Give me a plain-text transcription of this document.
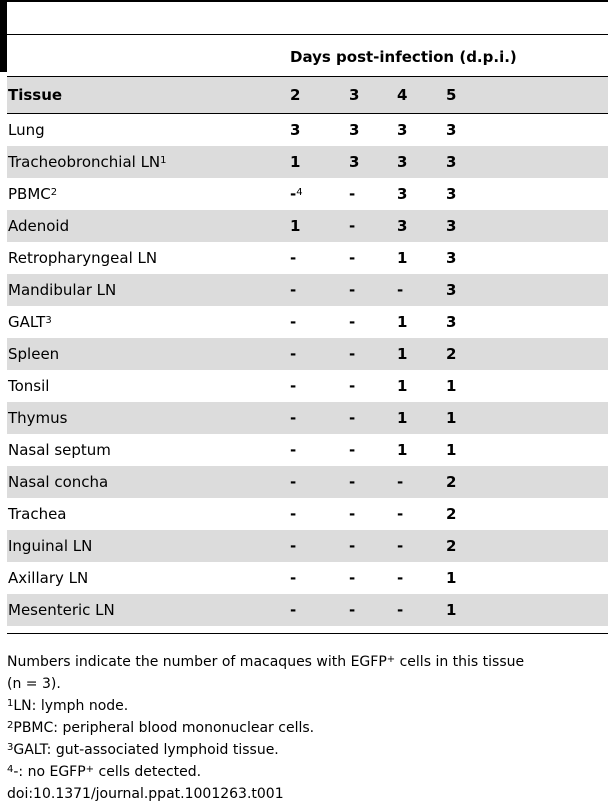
Days post-infection (d.p.i.)
Tissue	2	3	4	5
Lung	3	3	3	3
Tracheobronchial $LN^1$	1	3	3	3
PBMC$^2$	-$^4$	-	3	3
Adenoid	1	-	3	3
Retropharyngeal LN	-	-	1	3
Mandibular LN	-	-	-	3
GALT$^3$	-	-	1	3
Spleen	-	-	1	2
Tonsil	-	-	1	1
Thymus	-	-	1	1
Nasal septum	-	-	1	1
Nasal concha	-	-	-	2
Trachea	-	-	-	2
Inguinal LN	-	-	-	2
Axillary LN	-	-	-	1
Mesenteric LN	-	-	-	1
Numbers indicate the number of macaques with EGFP+ cells in this tissue
(n = 3).
$^1$LN: lymph node.
$^2$PBMC: peripheral blood mononuclear cells.
$^3$GALT: gut-associated lymphoid tissue.
$^4$-: no EGFP+ cells detected.
doi:10.1371/journal.ppat.1001263.t001
